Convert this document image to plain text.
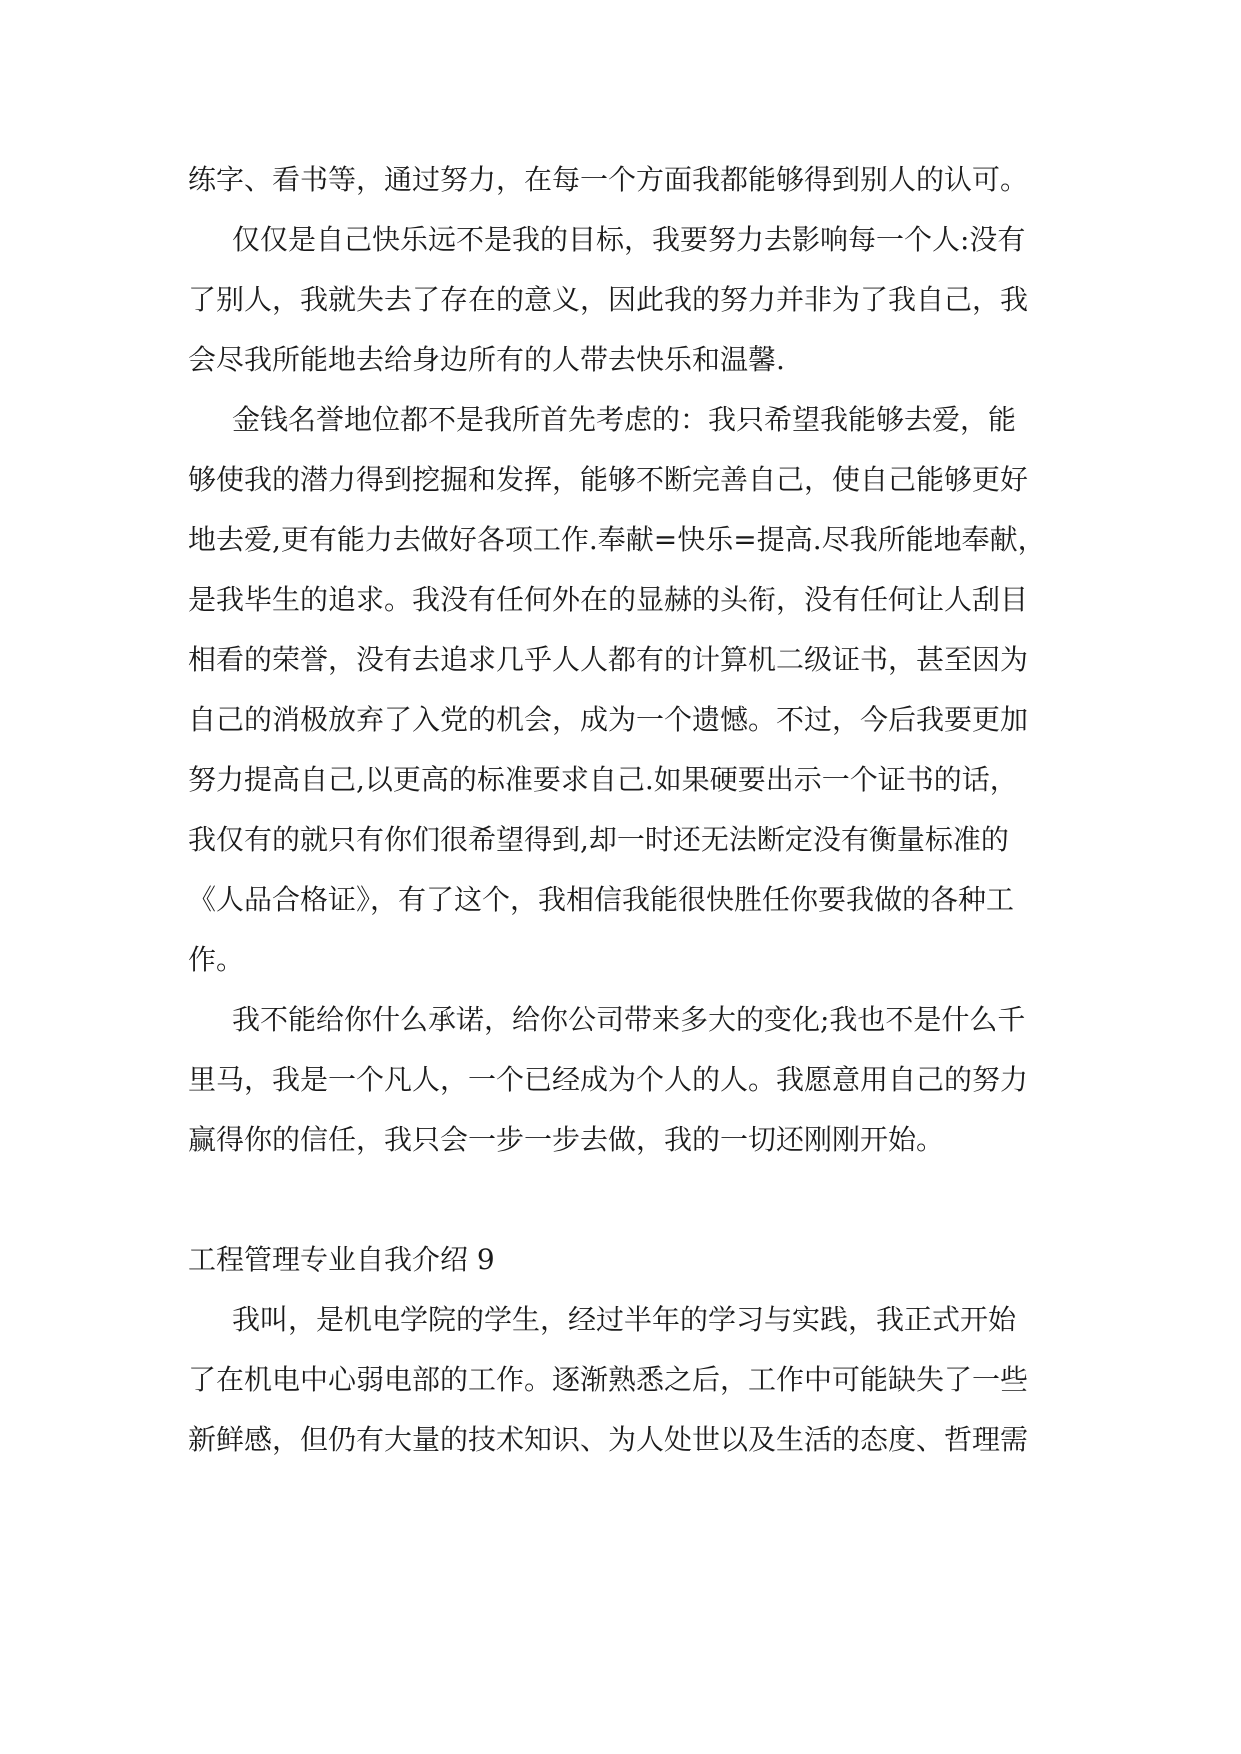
练字、看书等，通过努力，在每一个方面我都能够得到别人的认可。
仅仅是自己快乐远不是我的目标，我要努力去影响每一个人:没有
了别人，我就失去了存在的意义，因此我的努力并非为了我自己，我
会尽我所能地去给身边所有的人带去快乐和温馨.
金钱名誉地位都不是我所首先考虑的：我只希望我能够去爱，能
够使我的潜力得到挖掘和发挥，能够不断完善自己，使自己能够更好
地去爱,更有能力去做好各项工作.奉献=快乐=提高.尽我所能地奉献，
是我毕生的追求。我没有任何外在的显赫的头衔，没有任何让人刮目
相看的荣誉，没有去追求几乎人人都有的计算机二级证书，甚至因为
自己的消极放弃了入党的机会，成为一个遗憾。不过，今后我要更加
努力提高自己,以更高的标准要求自己.如果硬要出示一个证书的话，
我仅有的就只有你们很希望得到,却一时还无法断定没有衡量标准的
《人品合格证》，有了这个，我相信我能很快胜任你要我做的各种工
作。
我不能给你什么承诺，给你公司带来多大的变化;我也不是什么千
里马，我是一个凡人，一个已经成为个人的人。我愿意用自己的努力
赢得你的信任，我只会一步一步去做，我的一切还刚刚开始。
工程管理专业自我介绍 9
我叫，是机电学院的学生，经过半年的学习与实践，我正式开始
了在机电中心弱电部的工作。逐渐熟悉之后，工作中可能缺失了一些
新鲜感，但仍有大量的技术知识、为人处世以及生活的态度、哲理需
